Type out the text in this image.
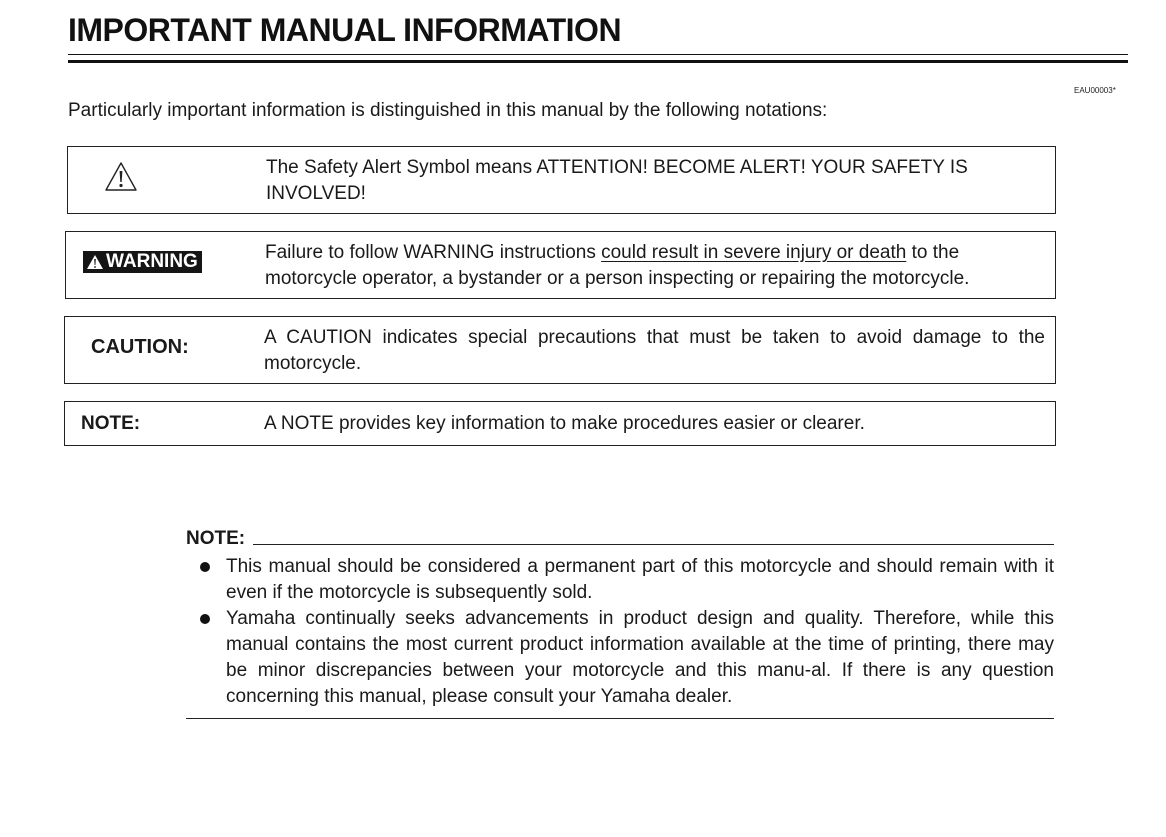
IMPORTANT MANUAL INFORMATION
EAU00003*
Particularly important information is distinguished in this manual by the following notations:
The Safety Alert Symbol means ATTENTION! BECOME ALERT! YOUR SAFETY IS INVOLVED!
WARNING	Failure to follow WARNING instructions could result in severe injury or death to the motorcycle operator, a bystander or a person inspecting or repairing the motorcycle.
CAUTION:	A CAUTION indicates special precautions that must be taken to avoid damage to the motorcycle.
NOTE:	A NOTE provides key information to make procedures easier or clearer.
NOTE:
This manual should be considered a permanent part of this motorcycle and should remain with it even if the motorcycle is subsequently sold.
Yamaha continually seeks advancements in product design and quality. Therefore, while this manual contains the most current product information available at the time of printing, there may be minor discrepancies between your motorcycle and this manu-al. If there is any question concerning this manual, please consult your Yamaha dealer.
